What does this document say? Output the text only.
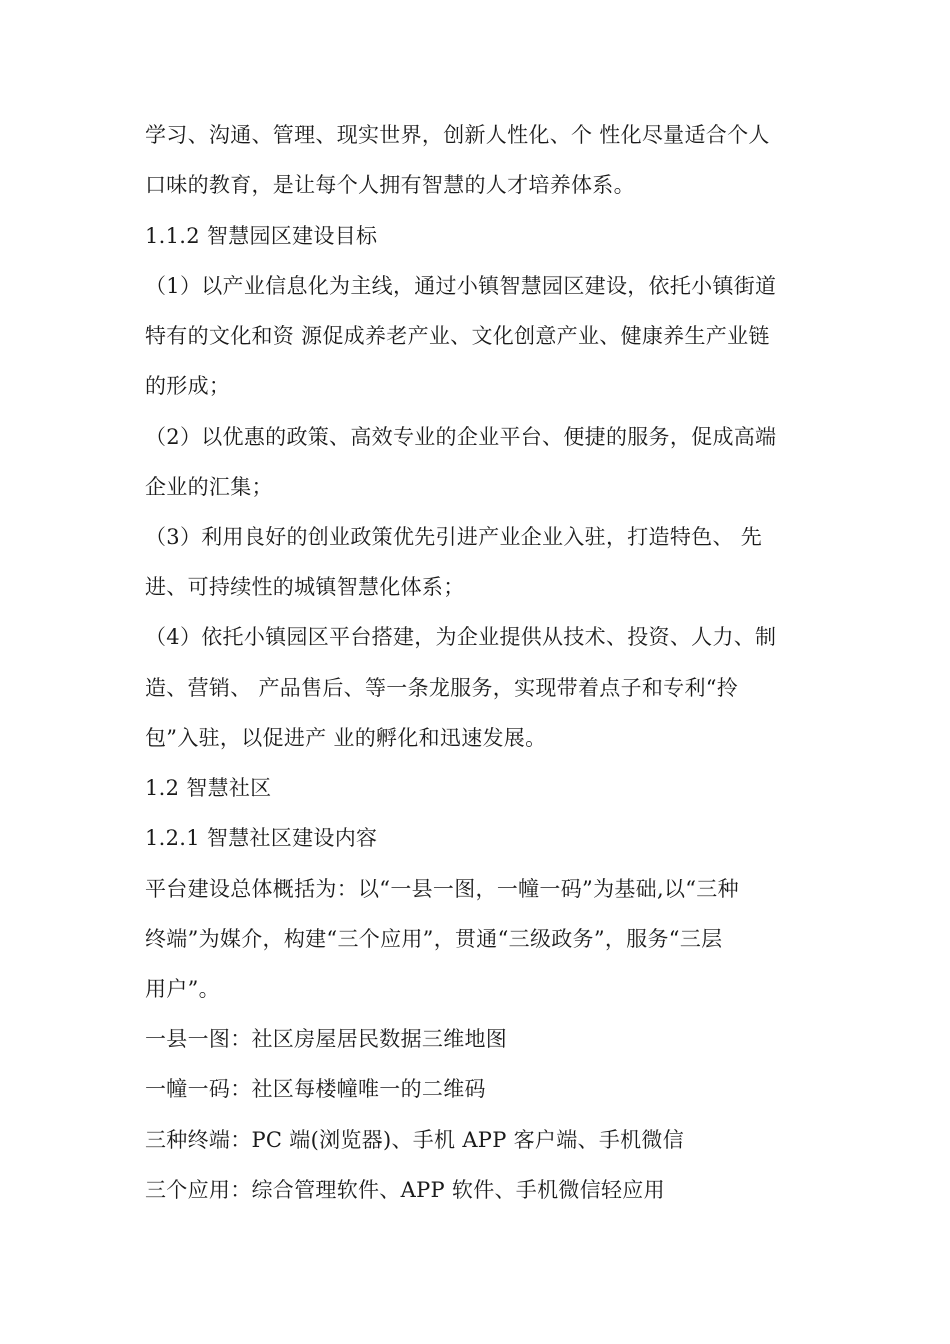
学习、沟通、管理、现实世界，创新人性化、个 性化尽量适合个人
口味的教育，是让每个人拥有智慧的人才培养体系。
1.1.2 智慧园区建设目标
（1）以产业信息化为主线，通过小镇智慧园区建设，依托小镇街道
特有的文化和资 源促成养老产业、文化创意产业、健康养生产业链
的形成；
（2）以优惠的政策、高效专业的企业平台、便捷的服务，促成高端
企业的汇集；
（3）利用良好的创业政策优先引进产业企业入驻，打造特色、 先
进、可持续性的城镇智慧化体系；
（4）依托小镇园区平台搭建，为企业提供从技术、投资、人力、制
造、营销、 产品售后、等一条龙服务，实现带着点子和专利“拎
包”入驻，以促进产 业的孵化和迅速发展。
1.2 智慧社区
1.2.1 智慧社区建设内容
平台建设总体概括为：以“一县一图，一幢一码”为基础,以“三种
终端”为媒介，构建“三个应用”，贯通“三级政务”，服务“三层
用户”。
一县一图：社区房屋居民数据三维地图
一幢一码：社区每楼幢唯一的二维码
三种终端：PC 端(浏览器)、手机 APP 客户端、手机微信
三个应用：综合管理软件、APP 软件、手机微信轻应用
